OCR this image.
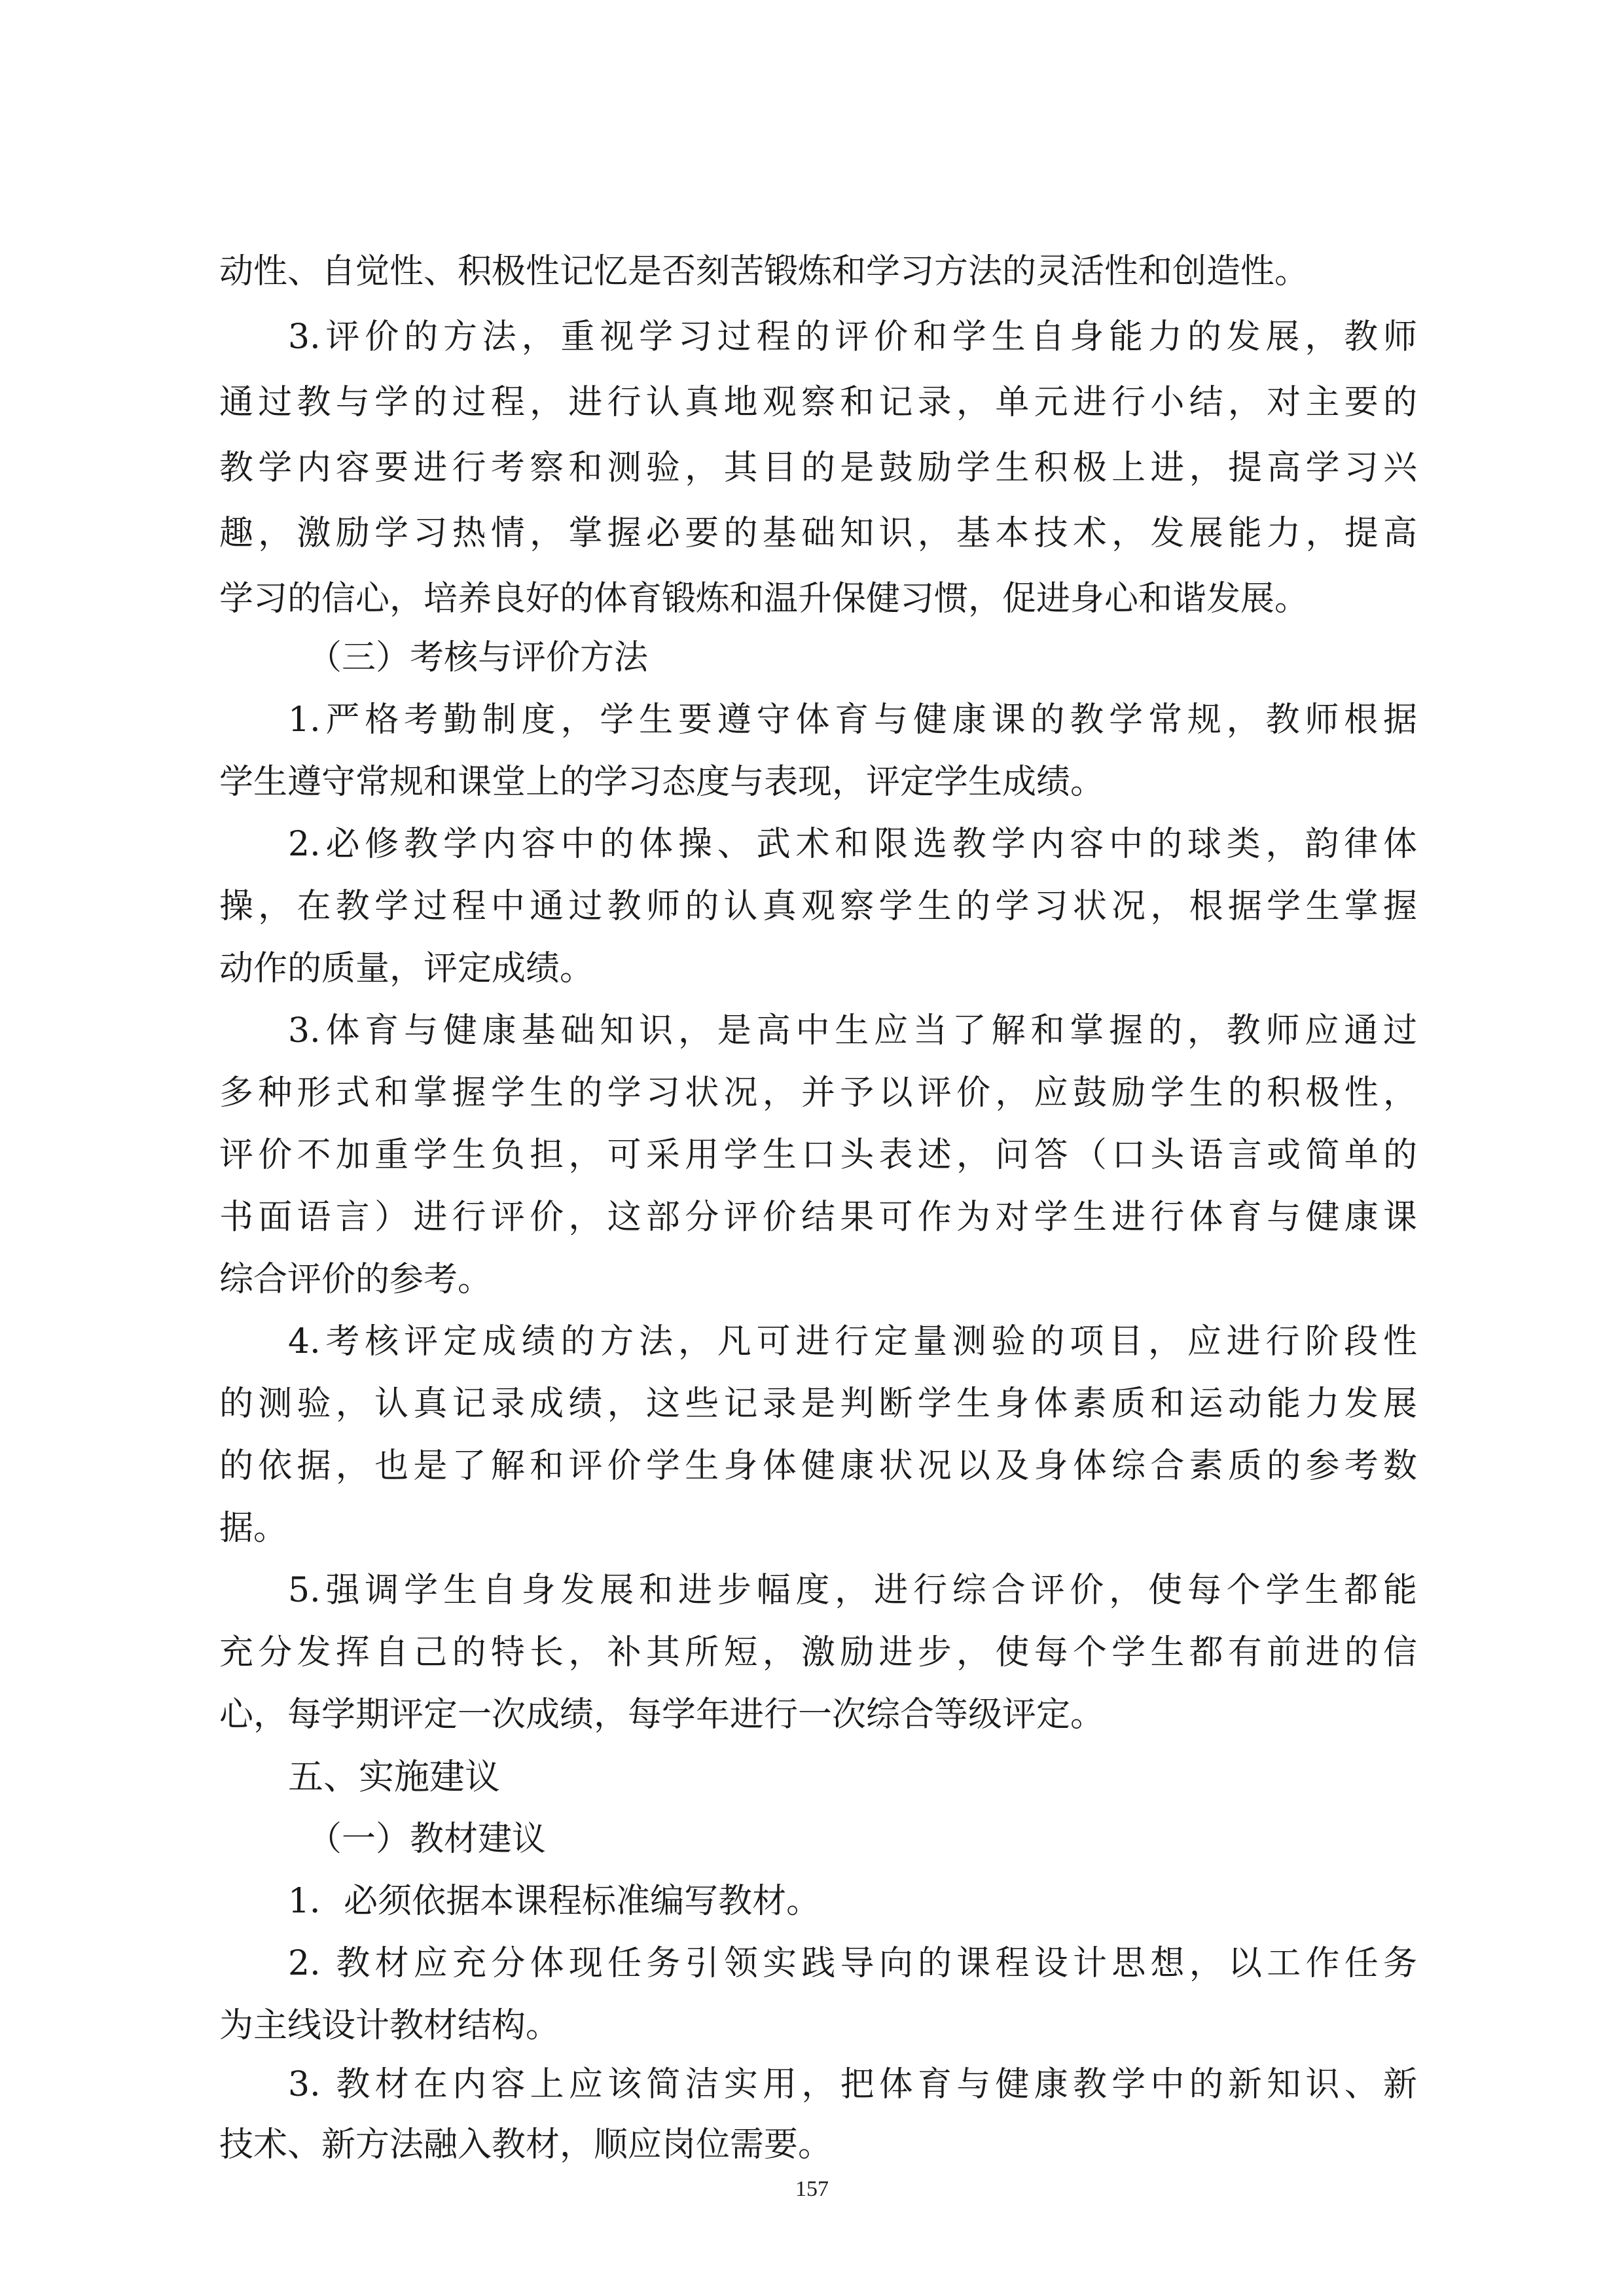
动性、自觉性、积极性记忆是否刻苦锻炼和学习方法的灵活性和创造性。
3.评价的方法，重视学习过程的评价和学生自身能力的发展，教师
通过教与学的过程，进行认真地观察和记录，单元进行小结，对主要的
教学内容要进行考察和测验，其目的是鼓励学生积极上进，提高学习兴
趣，激励学习热情，掌握必要的基础知识，基本技术，发展能力，提高
学习的信心，培养良好的体育锻炼和温升保健习惯，促进身心和谐发展。
（三）考核与评价方法
1.严格考勤制度，学生要遵守体育与健康课的教学常规，教师根据
学生遵守常规和课堂上的学习态度与表现，评定学生成绩。
2.必修教学内容中的体操、武术和限选教学内容中的球类，韵律体
操，在教学过程中通过教师的认真观察学生的学习状况，根据学生掌握
动作的质量，评定成绩。
3.体育与健康基础知识，是高中生应当了解和掌握的，教师应通过
多种形式和掌握学生的学习状况，并予以评价，应鼓励学生的积极性，
评价不加重学生负担，可采用学生口头表述，问答（口头语言或简单的
书面语言）进行评价，这部分评价结果可作为对学生进行体育与健康课
综合评价的参考。
4.考核评定成绩的方法，凡可进行定量测验的项目，应进行阶段性
的测验，认真记录成绩，这些记录是判断学生身体素质和运动能力发展
的依据，也是了解和评价学生身体健康状况以及身体综合素质的参考数
据。
5.强调学生自身发展和进步幅度，进行综合评价，使每个学生都能
充分发挥自己的特长，补其所短，激励进步，使每个学生都有前进的信
心，每学期评定一次成绩，每学年进行一次综合等级评定。
五、实施建议
（一）教材建议
1．必须依据本课程标准编写教材。
2. 教材应充分体现任务引领实践导向的课程设计思想，以工作任务
为主线设计教材结构。
3. 教材在内容上应该简洁实用，把体育与健康教学中的新知识、新
技术、新方法融入教材，顺应岗位需要。
157
